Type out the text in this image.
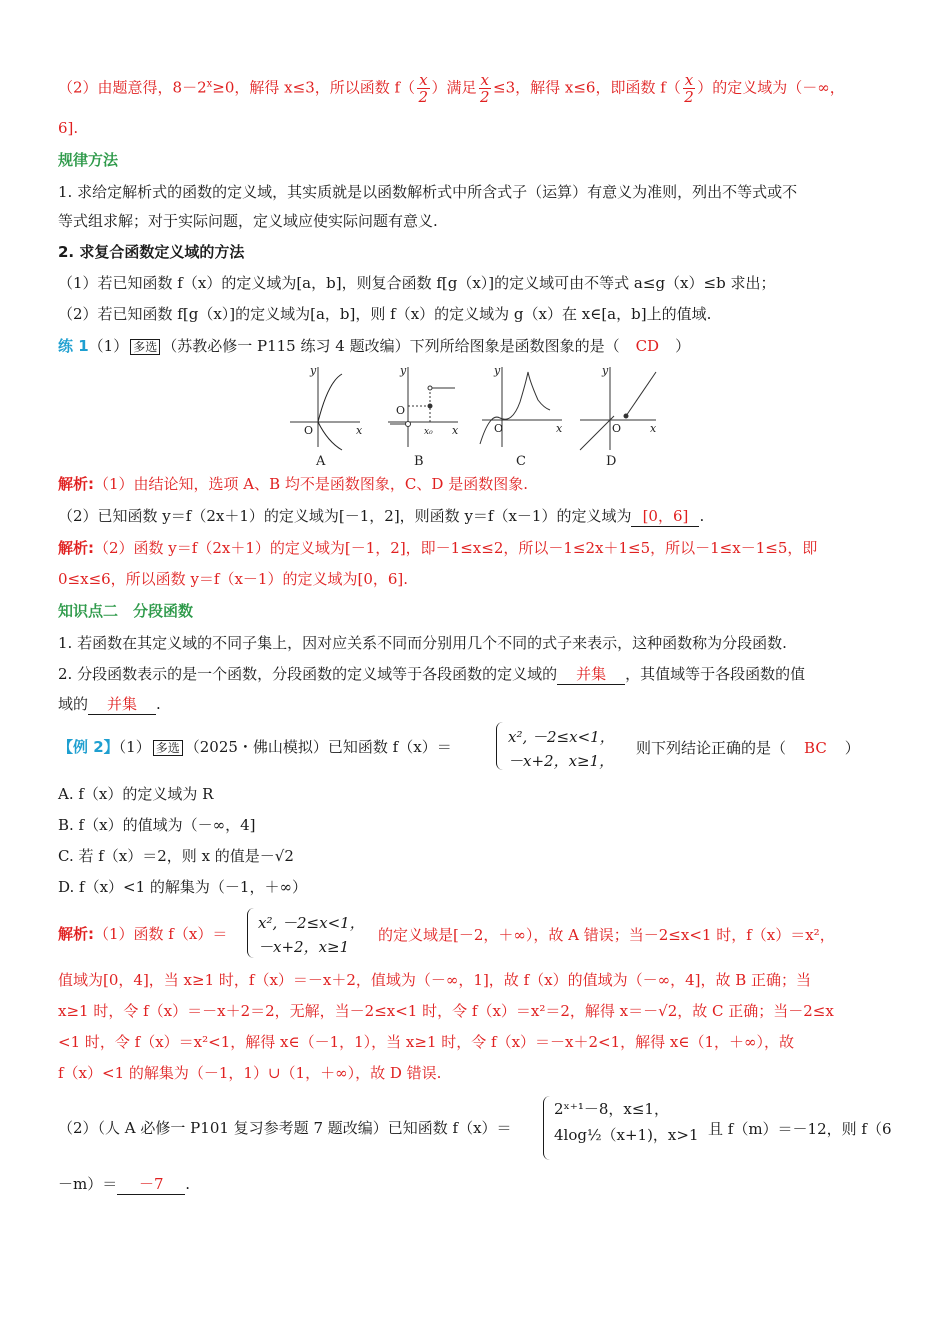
（2）由题意得，$8-2^x\ge 0$，解得 x≤3，所以函数 $f( \frac{x}{2}$ ）满足 $\frac{x}{2} \le 3$，解得 x≤6，即函数 $f( \frac{x}{2}$ ）的定义域为（－∞，
6].
规律方法
1. 求给定解析式的函数的定义域，其实质就是以函数解析式中所含式子（运算）有意义为准则，列出不等式或不
等式组求解；对于实际问题，定义域应使实际问题有意义.
2. 求复合函数定义域的方法
（1）若已知函数 f（x）的定义域为[a，b]，则复合函数 f[g（x）]的定义域可由不等式 a≤g（x）≤b 求出；
（2）若已知函数 f[g（x）]的定义域为[a，b]，则 f（x）的定义域为 g（x）在 x∈[a，b]上的值域.
练 1（1） 多选 （苏教必修一 P115 练习 4 题改编）下列所给图象是函数图象的是（ CD ）
y
x
O
y
x
O
x₀
y
x
O
y
x
O
A	B	C	D
解析:（1）由结论知，选项 A、B 均不是函数图象，C、D 是函数图象.
（2）已知函数 y＝f（2x＋1）的定义域为[－1，2]，则函数 y＝f（x－1）的定义域为 [0，6] .
解析:（2）函数 y＝f（2x＋1）的定义域为[－1，2]，即－1≤x≤2，所以－1≤2x＋1≤5，所以－1≤x－1≤5，即
0≤x≤6，所以函数 y＝f（x－1）的定义域为[0，6].
知识点二　分段函数
1. 若函数在其定义域的不同子集上，因对应关系不同而分别用几个不同的式子来表示，这种函数称为分段函数.
2. 分段函数表示的是一个函数，分段函数的定义域等于各段函数的定义域的 并集 ，其值域等于各段函数的值
域的 并集 .
【例 2】（1） 多选 （2025・佛山模拟）已知函数 f（x）＝
x², －2≤x<1，
－x+2，x≥1，
则下列结论正确的是（ BC ）
A. f（x）的定义域为 R
B. f（x）的值域为（－∞，4]
C. 若 f（x）＝2，则 x 的值是－√2
D. f（x）<1 的解集为（－1，＋∞）
解析:（1）函数 f（x）＝
x², －2≤x<1，
－x+2，x≥1
的定义域是[－2，＋∞），故 A 错误；当－2≤x<1 时，f（x）＝x²，
值域为[0，4]，当 x≥1 时，f（x）＝－x＋2，值域为（－∞，1]，故 f（x）的值域为（－∞，4]，故 B 正确；当
x≥1 时，令 f（x）＝－x＋2＝2，无解，当－2≤x<1 时，令 f（x）＝x²＝2，解得 x＝－√2，故 C 正确；当－2≤x
<1 时，令 f（x）＝x²<1，解得 x∈（－1，1），当 x≥1 时，令 f（x）＝－x＋2<1，解得 x∈（1，＋∞），故
f（x）<1 的解集为（－1，1）∪（1，＋∞），故 D 错误.
（2）（人 A 必修一 P101 复习参考题 7 题改编）已知函数 f（x）＝
2ˣ⁺¹－8，x≤1，
4log½（x+1)，x>1 且 f（m）＝－12，则 f（6
－m）＝ －7 .
